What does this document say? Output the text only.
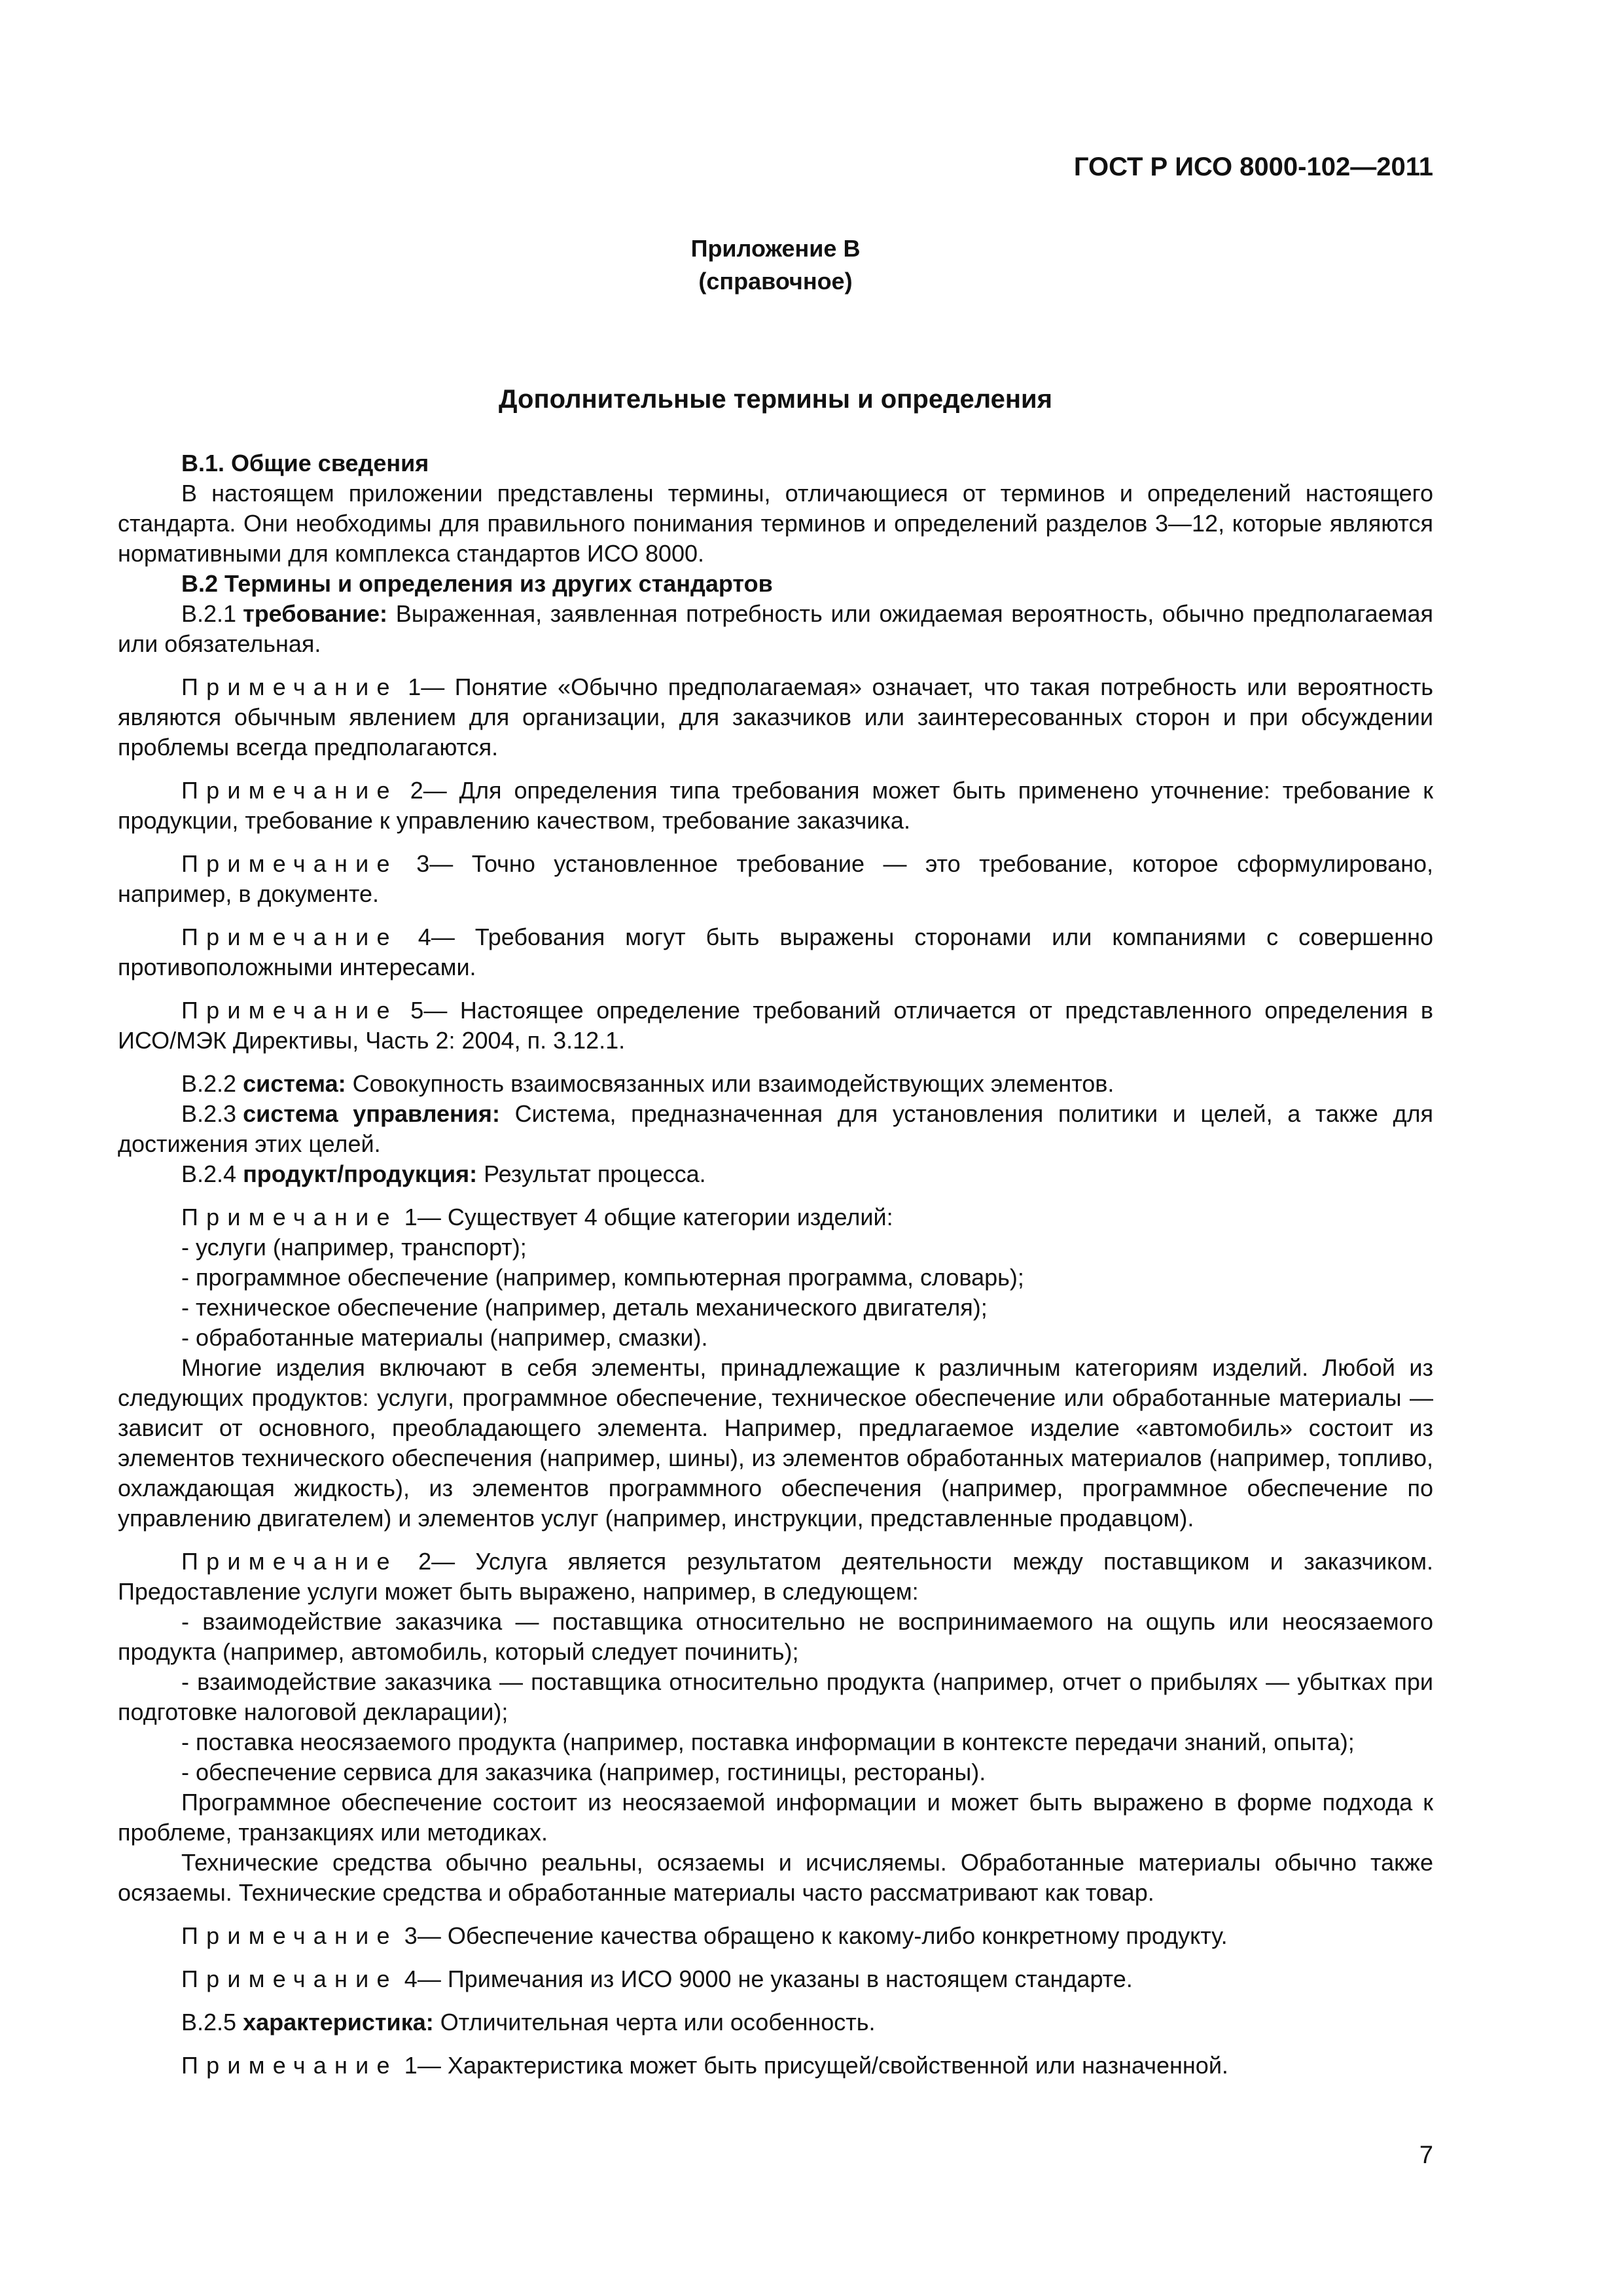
ГОСТ Р ИСО 8000-102—2011
Приложение В
(справочное)
Дополнительные термины и определения

В.1. Общие сведения

В настоящем приложении представлены термины, отличающиеся от терминов и определений настоящего стандарта. Они необходимы для правильного понимания терминов и определений разделов 3—12, которые являются нормативными для комплекса стандартов ИСО 8000.

В.2 Термины и определения из других стандартов

В.2.1 требование: Выраженная, заявленная потребность или ожидаемая вероятность, обычно предполагаемая или обязательная.

Примечание 1— Понятие «Обычно предполагаемая» означает, что такая потребность или вероятность являются обычным явлением для организации, для заказчиков или заинтересованных сторон и при обсуждении проблемы всегда предполагаются.

Примечание 2— Для определения типа требования может быть применено уточнение: требование к продукции, требование к управлению качеством, требование заказчика.

Примечание 3— Точно установленное требование — это требование, которое сформулировано, например, в документе.

Примечание 4— Требования могут быть выражены сторонами или компаниями с совершенно противоположными интересами.

Примечание 5— Настоящее определение требований отличается от представленного определения в ИСО/МЭК Директивы, Часть 2: 2004, п. 3.12.1.

В.2.2 система: Совокупность взаимосвязанных или взаимодействующих элементов.

В.2.3 система управления: Система, предназначенная для установления политики и целей, а также для достижения этих целей.

В.2.4 продукт/продукция: Результат процесса.

Примечание 1— Существует 4 общие категории изделий:

- услуги (например, транспорт);

- программное обеспечение (например, компьютерная программа, словарь);

- техническое обеспечение (например, деталь механического двигателя);

- обработанные материалы (например, смазки).

Многие изделия включают в себя элементы, принадлежащие к различным категориям изделий. Любой из следующих продуктов: услуги, программное обеспечение, техническое обеспечение или обработанные материалы — зависит от основного, преобладающего элемента. Например, предлагаемое изделие «автомобиль» состоит из элементов технического обеспечения (например, шины), из элементов обработанных материалов (например, топливо, охлаждающая жидкость), из элементов программного обеспечения (например, программное обеспечение по управлению двигателем) и элементов услуг (например, инструкции, представленные продавцом).

Примечание 2— Услуга является результатом деятельности между поставщиком и заказчиком. Предоставление услуги может быть выражено, например, в следующем:

- взаимодействие заказчика — поставщика относительно не воспринимаемого на ощупь или неосязаемого продукта (например, автомобиль, который следует починить);

- взаимодействие заказчика — поставщика относительно продукта (например, отчет о прибылях — убытках при подготовке налоговой декларации);

- поставка неосязаемого продукта (например, поставка информации в контексте передачи знаний, опыта);

- обеспечение сервиса для заказчика (например, гостиницы, рестораны).

Программное обеспечение состоит из неосязаемой информации и может быть выражено в форме подхода к проблеме, транзакциях или методиках.

Технические средства обычно реальны, осязаемы и исчисляемы. Обработанные материалы обычно также осязаемы. Технические средства и обработанные материалы часто рассматривают как товар.

Примечание 3— Обеспечение качества обращено к какому-либо конкретному продукту.

Примечание 4— Примечания из ИСО 9000 не указаны в настоящем стандарте.

В.2.5 характеристика: Отличительная черта или особенность.

Примечание 1— Характеристика может быть присущей/свойственной или назначенной.

7
